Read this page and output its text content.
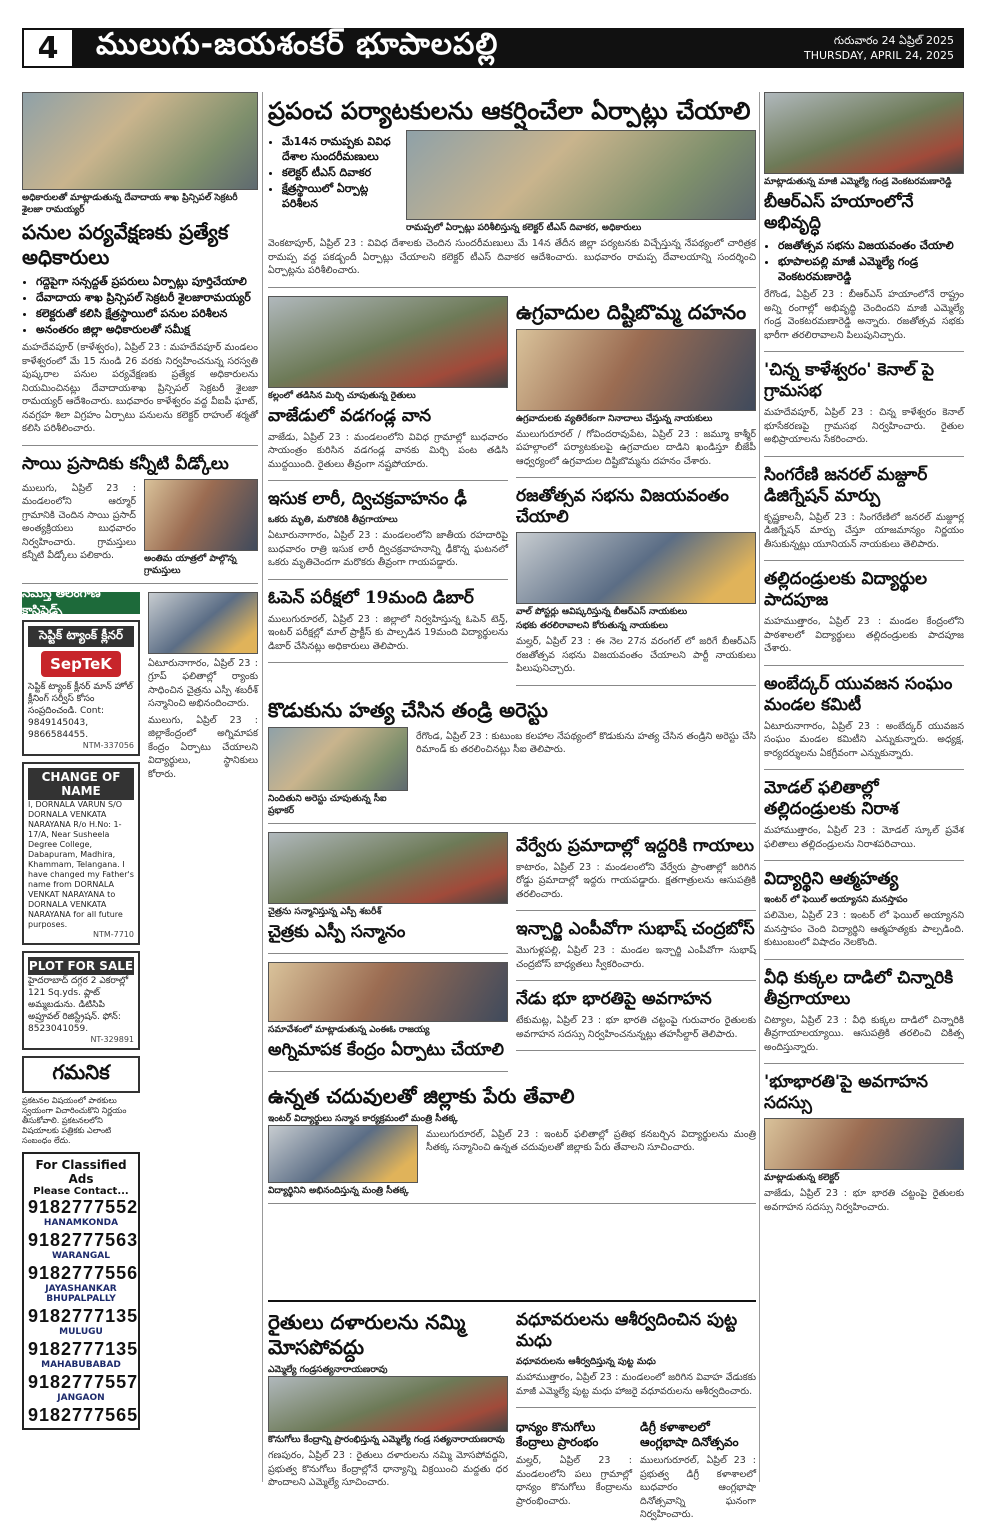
4	ములుగు-జయశంకర్ భూపాలపల్లి	గురువారం 24 ఏప్రిల్ 2025
THURSDAY, APRIL 24, 2025
అధికారులతో మాట్లాడుతున్న దేవాదాయ శాఖ ప్రిన్సిపల్ సెక్రటరీ శైలజా రామయ్యర్
పనుల పర్యవేక్షణకు ప్రత్యేక అధికారులు
• గద్దెపైగా సన్సద్దత్ ప్రపరులు ఏర్పాట్లు పూర్తిచేయాలి
• దేవాదాయ శాఖ ప్రిన్సిపల్ సెక్రటరీ శైలజారామయ్యర్
• కలెక్టరుతో కలిసి క్షేత్రస్థాయిలో పనుల పరిశీలన
• అనంతరం జిల్లా అధికారులతో సమీక్ష
మహదేవపూర్ (కాళేశ్వరం), ఏప్రిల్ 23 : మహదేవపూర్ మండలం కాళేశ్వరంలో మే 15 నుండి 26 వరకు నిర్వహించనున్న సరస్వతి పుష్కరాల పనుల పర్యవేక్షణకు ప్రత్యేక అధికారులను నియమించినట్లు దేవాదాయశాఖ ప్రిన్సిపల్ సెక్రటరీ శైలజా రామయ్యర్ ఆదేశించారు. బుధవారం కాళేశ్వరం వద్ద వీఐపీ ఘాట్, నవగ్రహ శిలా విగ్రహం ఏర్పాటు పనులను కలెక్టర్ రాహుల్ శర్మతో కలిసి పరిశీలించారు.
సాయి ప్రసాదికు కన్నీటి వీడ్కోలు
ములుగు, ఏప్రిల్ 23 : మండలంలోని ఆర్మూర్ గ్రామానికి చెందిన సాయి ప్రసాద్ అంత్యక్రియలు బుధవారం నిర్వహించారు. గ్రామస్తులు కన్నీటి వీడ్కోలు పలికారు.	అంతిమ యాత్రలో పాల్గొన్న గ్రామస్తులు
నమస్తే తెలంగాణ క్లాసిఫైడ్స్
సెప్టిక్ ట్యాంక్ క్లీనర్
SepTeK
సెప్టిక్ ట్యాంక్ క్లీనర్ మాన్ హోల్ క్లీనింగ్ సర్వీస్ కోసం సంప్రదించండి. Cont: 9849145043, 9866584455.
NTM-337056
CHANGE OF NAME
I, DORNALA VARUN S/O DORNALA VENKATA NARAYANA R/o H.No: 1-17/A, Near Susheela Degree College, Dabapuram, Madhira, Khammam, Telangana. I have changed my Father's name from DORNALA VENKAT NARAYANA to DORNALA VENKATA NARAYANA for all future purposes.
NTM-7710
PLOT FOR SALE
హైదరాబాద్ దగ్గర 2 ఎకరాల్లో 121 Sq.yds. ప్లాట్ అమ్మబడును. డిటిసిపి అప్రూవల్ రిజిస్ట్రేషన్. ఫోన్: 8523041059.
NT-329891
గమనిక
ప్రకటనల విషయంలో పాఠకులు స్వయంగా విచారించుకొని నిర్ణయం తీసుకోవాలి. ప్రకటనలలోని విషయాలకు పత్రికకు ఎలాంటి సంబంధం లేదు.
For Classified Ads
Please Contact...
9182777552
HANAMKONDA
9182777563
WARANGAL
9182777556
JAYASHANKAR BHUPALPALLY
9182777135
MULUGU
9182777135
MAHABUBABAD
9182777557
JANGAON
9182777565
ఏటూరునాగారం, ఏప్రిల్ 23 : గ్రూప్ ఫలితాల్లో ర్యాంకు సాధించిన చైత్రను ఎస్పీ శబరీశ్ సన్మానించి అభినందించారు.
ములుగు, ఏప్రిల్ 23 : జిల్లాకేంద్రంలో అగ్నిమాపక కేంద్రం ఏర్పాటు చేయాలని విద్యార్థులు, స్థానికులు కోరారు.
ప్రపంచ పర్యాటకులను ఆకర్షించేలా ఏర్పాట్లు చేయాలి
• మే14న రామప్పకు వివిధ దేశాల సుందరీమణులు
• కలెక్టర్ టీఎస్ దివాకర
• క్షేత్రస్థాయిలో ఏర్పాట్ల పరిశీలన
రామప్పలో ఏర్పాట్లు పరిశీలిస్తున్న కలెక్టర్ టీఎస్ దివాకర, అధికారులు
వెంకటాపూర్, ఏప్రిల్ 23 : వివిధ దేశాలకు చెందిన సుందరీమణులు మే 14న తేదీన జిల్లా పర్యటనకు విచ్చేస్తున్న నేపథ్యంలో చారిత్రక రామప్ప వద్ద పకడ్బందీ ఏర్పాట్లు చేయాలని కలెక్టర్ టీఎస్ దివాకర ఆదేశించారు. బుధవారం రామప్ప దేవాలయాన్ని సందర్శించి ఏర్పాట్లను పరిశీలించారు.
కల్లంలో తడిసిన మిర్చి చూపుతున్న రైతులు
వాజేడులో వడగండ్ల వాన
వాజేడు, ఏప్రిల్ 23 : మండలంలోని వివిధ గ్రామాల్లో బుధవారం సాయంత్రం కురిసిన వడగండ్ల వానకు మిర్చి పంట తడిసి ముద్దయింది. రైతులు తీవ్రంగా నష్టపోయారు.
ఇసుక లారీ, ద్విచక్రవాహనం ఢీ
ఒకరు మృతి, మరొకరికి తీవ్రగాయాలు
ఏటూరునాగారం, ఏప్రిల్ 23 : మండలంలోని జాతీయ రహదారిపై బుధవారం రాత్రి ఇసుక లారీ ద్విచక్రవాహనాన్ని ఢీకొన్న ఘటనలో ఒకరు మృతిచెందగా మరొకరు తీవ్రంగా గాయపడ్డారు.
ఓపెన్ పరీక్షలో 19మంది డిబార్
ములుగురూరల్, ఏప్రిల్ 23 : జిల్లాలో నిర్వహిస్తున్న ఓపెన్ టెన్త్, ఇంటర్ పరీక్షల్లో మాల్ ప్రాక్టీస్ కు పాల్పడిన 19మంది విద్యార్థులను డిబార్ చేసినట్లు అధికారులు తెలిపారు.
ఉగ్రవాదుల దిష్టిబొమ్మ దహనం
ఉగ్రవాదులకు వ్యతిరేకంగా నినాదాలు చేస్తున్న నాయకులు
ములుగురూరల్ / గోవిందరావుపేట, ఏప్రిల్ 23 : జమ్మూ కాశ్మీర్ పహల్గాంలో పర్యాటకులపై ఉగ్రవాదుల దాడిని ఖండిస్తూ బీజేపీ ఆధ్వర్యంలో ఉగ్రవాదుల దిష్టిబొమ్మను దహనం చేశారు.
రజతోత్సవ సభను విజయవంతం చేయాలి
వాల్ పోస్టర్లు ఆవిష్కరిస్తున్న బీఆర్ఎస్ నాయకులు
సభకు తరలిరావాలని కోరుతున్న నాయకులు
మల్హర్, ఏప్రిల్ 23 : ఈ నెల 27న వరంగల్ లో జరిగే బీఆర్ఎస్ రజతోత్సవ సభను విజయవంతం చేయాలని పార్టీ నాయకులు పిలుపునిచ్చారు.
కొడుకును హత్య చేసిన తండ్రి అరెస్టు
నిందితుని అరెస్టు చూపుతున్న సీఐ ప్రభాకర్
రేగొండ, ఏప్రిల్ 23 : కుటుంబ కలహాల నేపథ్యంలో కొడుకును హత్య చేసిన తండ్రిని అరెస్టు చేసి రిమాండ్ కు తరలించినట్లు సీఐ తెలిపారు.
చైత్రను సన్మానిస్తున్న ఎస్పీ శబరీశ్
చైత్రకు ఎస్పీ సన్మానం
సమావేశంలో మాట్లాడుతున్న ఎంఈఓ రాజయ్య
అగ్నిమాపక కేంద్రం ఏర్పాటు చేయాలి
వేర్వేరు ప్రమాదాల్లో ఇద్దరికి గాయాలు
కాటారం, ఏప్రిల్ 23 : మండలంలోని వేర్వేరు ప్రాంతాల్లో జరిగిన రోడ్డు ప్రమాదాల్లో ఇద్దరు గాయపడ్డారు. క్షతగాత్రులను ఆసుపత్రికి తరలించారు.
ఇన్చార్జి ఎంపీవోగా సుభాష్ చంద్రబోస్
మొగుళ్లపల్లి, ఏప్రిల్ 23 : మండల ఇన్చార్జి ఎంపీవోగా సుభాష్ చంద్రబోస్ బాధ్యతలు స్వీకరించారు.
నేడు భూ భారతిపై అవగాహన
టేకుమట్ల, ఏప్రిల్ 23 : భూ భారతి చట్టంపై గురువారం రైతులకు అవగాహన సదస్సు నిర్వహించనున్నట్లు తహసీల్దార్ తెలిపారు.
ఉన్నత చదువులతో జిల్లాకు పేరు తేవాలి
ఇంటర్ విద్యార్థులు సన్మాన కార్యక్రమంలో మంత్రి సీతక్క
విద్యార్థినిని అభినందిస్తున్న మంత్రి సీతక్క
ములుగురూరల్, ఏప్రిల్ 23 : ఇంటర్ ఫలితాల్లో ప్రతిభ కనబర్చిన విద్యార్థులను మంత్రి సీతక్క సన్మానించి ఉన్నత చదువులతో జిల్లాకు పేరు తేవాలని సూచించారు.
మాట్లాడుతున్న మాజీ ఎమ్మెల్యే గండ్ర వెంకటరమణారెడ్డి
బీఆర్ఎస్ హయాంలోనే అభివృద్ధి
• రజతోత్సవ సభను విజయవంతం చేయాలి
• భూపాలపల్లి మాజీ ఎమ్మెల్యే గండ్ర వెంకటరమణారెడ్డి
రేగొండ, ఏప్రిల్ 23 : బీఆర్ఎస్ హయాంలోనే రాష్ట్రం అన్ని రంగాల్లో అభివృద్ధి చెందిందని మాజీ ఎమ్మెల్యే గండ్ర వెంకటరమణారెడ్డి అన్నారు. రజతోత్సవ సభకు భారీగా తరలిరావాలని పిలుపునిచ్చారు.
'చిన్న కాళేశ్వరం' కెనాల్ పై గ్రామసభ
మహదేవపూర్, ఏప్రిల్ 23 : చిన్న కాళేశ్వరం కెనాల్ భూసేకరణపై గ్రామసభ నిర్వహించారు. రైతుల అభిప్రాయాలను సేకరించారు.
సింగరేణి జనరల్ మజ్దూర్ డిజిగ్నేషన్ మార్పు
కృష్ణకాలనీ, ఏప్రిల్ 23 : సింగరేణిలో జనరల్ మజ్దూర్ల డిజిగ్నేషన్ మార్పు చేస్తూ యాజమాన్యం నిర్ణయం తీసుకున్నట్లు యూనియన్ నాయకులు తెలిపారు.
తల్లిదండ్రులకు విద్యార్థుల పాదపూజ
మహముత్తారం, ఏప్రిల్ 23 : మండల కేంద్రంలోని పాఠశాలలో విద్యార్థులు తల్లిదండ్రులకు పాదపూజ చేశారు.
అంబేద్కర్ యువజన సంఘం మండల కమిటీ
ఏటూరునాగారం, ఏప్రిల్ 23 : అంబేద్కర్ యువజన సంఘం మండల కమిటీని ఎన్నుకున్నారు. అధ్యక్ష, కార్యదర్శులను ఏకగ్రీవంగా ఎన్నుకున్నారు.
మోడల్ ఫలితాల్లో తల్లిదండ్రులకు నిరాశ
మహాముత్తారం, ఏప్రిల్ 23 : మోడల్ స్కూల్ ప్రవేశ ఫలితాలు తల్లిదండ్రులను నిరాశపరిచాయి.
విద్యార్థిని ఆత్మహత్య
ఇంటర్ లో ఫెయిల్ అయ్యానని మనస్తాపం
పలిమెల, ఏప్రిల్ 23 : ఇంటర్ లో ఫెయిల్ అయ్యానని మనస్తాపం చెంది విద్యార్థిని ఆత్మహత్యకు పాల్పడింది. కుటుంబంలో విషాదం నెలకొంది.
వీధి కుక్కల దాడిలో చిన్నారికి తీవ్రగాయాలు
చిట్యాల, ఏప్రిల్ 23 : వీధి కుక్కల దాడిలో చిన్నారికి తీవ్రగాయాలయ్యాయి. ఆసుపత్రికి తరలించి చికిత్స అందిస్తున్నారు.
'భూభారతి'పై అవగాహన సదస్సు
మాట్లాడుతున్న కలెక్టర్
వాజేడు, ఏప్రిల్ 23 : భూ భారతి చట్టంపై రైతులకు అవగాహన సదస్సు నిర్వహించారు.
రైతులు దళారులను నమ్మి మోసపోవద్దు
ఎమ్మెల్యే గండ్రసత్యనారాయణరావు
కొనుగోలు కేంద్రాన్ని ప్రారంభిస్తున్న ఎమ్మెల్యే గండ్ర సత్యనారాయణరావు
గణపురం, ఏప్రిల్ 23 : రైతులు దళారులను నమ్మి మోసపోవద్దని, ప్రభుత్వ కొనుగోలు కేంద్రాల్లోనే ధాన్యాన్ని విక్రయించి మద్దతు ధర పొందాలని ఎమ్మెల్యే సూచించారు.
వధూవరులను ఆశీర్వదించిన పుట్ట మధు
వధూవరులను ఆశీర్వదిస్తున్న పుట్ట మధు
మహాముత్తారం, ఏప్రిల్ 23 : మండలంలో జరిగిన వివాహ వేడుకకు మాజీ ఎమ్మెల్యే పుట్ట మధు హాజరై వధూవరులను ఆశీర్వదించారు.
ధాన్యం కొనుగోలు కేంద్రాలు ప్రారంభం
మల్హర్, ఏప్రిల్ 23 : మండలంలోని పలు గ్రామాల్లో ధాన్యం కొనుగోలు కేంద్రాలను ప్రారంభించారు.
డిగ్రీ కళాశాలలో ఆంగ్లభాషా దినోత్సవం
ములుగురూరల్, ఏప్రిల్ 23 : ప్రభుత్వ డిగ్రీ కళాశాలలో బుధవారం ఆంగ్లభాషా దినోత్సవాన్ని ఘనంగా నిర్వహించారు.
